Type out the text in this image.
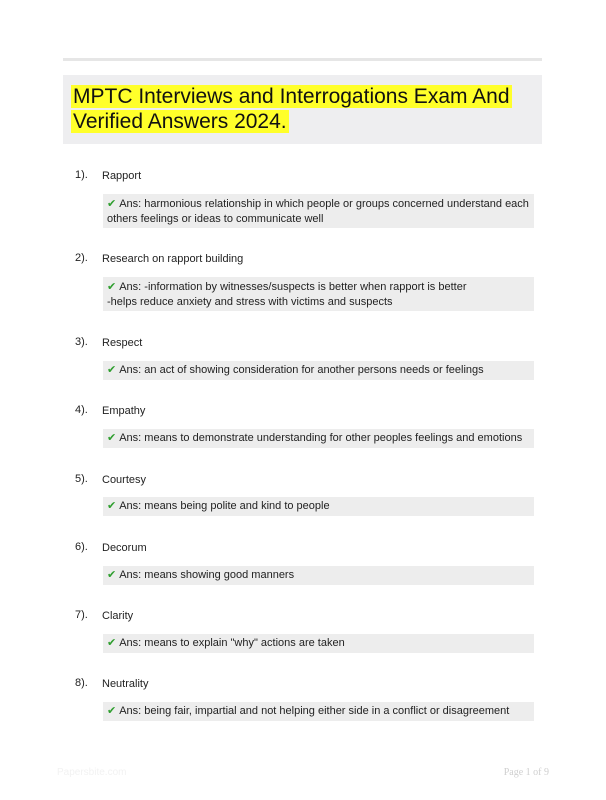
MPTC Interviews and Interrogations Exam And Verified Answers 2024.
1). Rapport
✔ Ans: harmonious relationship in which people or groups concerned understand each others feelings or ideas to communicate well
2). Research on rapport building
✔ Ans: -information by witnesses/suspects is better when rapport is better
-helps reduce anxiety and stress with victims and suspects
3). Respect
✔ Ans: an act of showing consideration for another persons needs or feelings
4). Empathy
✔ Ans: means to demonstrate understanding for other peoples feelings and emotions
5). Courtesy
✔ Ans: means being polite and kind to people
6). Decorum
✔ Ans: means showing good manners
7). Clarity
✔ Ans: means to explain "why" actions are taken
8). Neutrality
✔ Ans: being fair, impartial and not helping either side in a conflict or disagreement
Papersbite.com	Page 1 of 9
